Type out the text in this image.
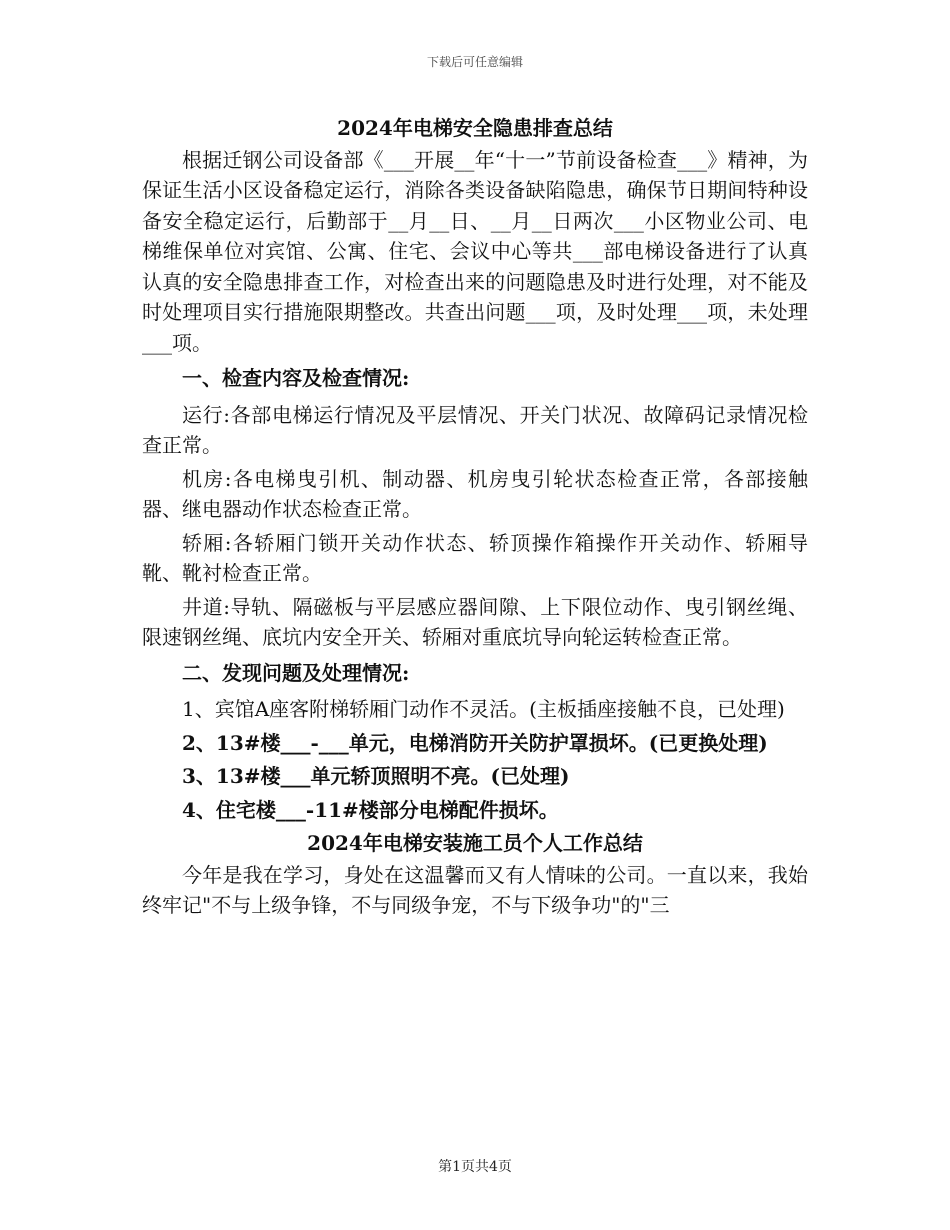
下载后可任意编辑
2024年电梯安全隐患排查总结

根据迁钢公司设备部《___开展__年“十一”节前设备检查___》精神，为保证生活小区设备稳定运行，消除各类设备缺陷隐患，确保节日期间特种设备安全稳定运行，后勤部于__月__日、__月__日两次___小区物业公司、电梯维保单位对宾馆、公寓、住宅、会议中心等共___部电梯设备进行了认真认真的安全隐患排查工作，对检查出来的问题隐患及时进行处理，对不能及时处理项目实行措施限期整改。共查出问题___项，及时处理___项，未处理___项。

一、检查内容及检查情况:

运行:各部电梯运行情况及平层情况、开关门状况、故障码记录情况检查正常。

机房:各电梯曳引机、制动器、机房曳引轮状态检查正常，各部接触器、继电器动作状态检查正常。

轿厢:各轿厢门锁开关动作状态、轿顶操作箱操作开关动作、轿厢导靴、靴衬检查正常。

井道:导轨、隔磁板与平层感应器间隙、上下限位动作、曳引钢丝绳、限速钢丝绳、底坑内安全开关、轿厢对重底坑导向轮运转检查正常。

二、发现问题及处理情况:

1、宾馆A座客附梯轿厢门动作不灵活。(主板插座接触不良，已处理)

2、13#楼___-___单元，电梯消防开关防护罩损坏。(已更换处理)

3、13#楼___单元轿顶照明不亮。(已处理)

4、住宅楼___-11#楼部分电梯配件损坏。

2024年电梯安装施工员个人工作总结

今年是我在学习，身处在这温馨而又有人情味的公司。一直以来，我始终牢记"不与上级争锋，不与同级争宠，不与下级争功"的"三

第1页共4页
